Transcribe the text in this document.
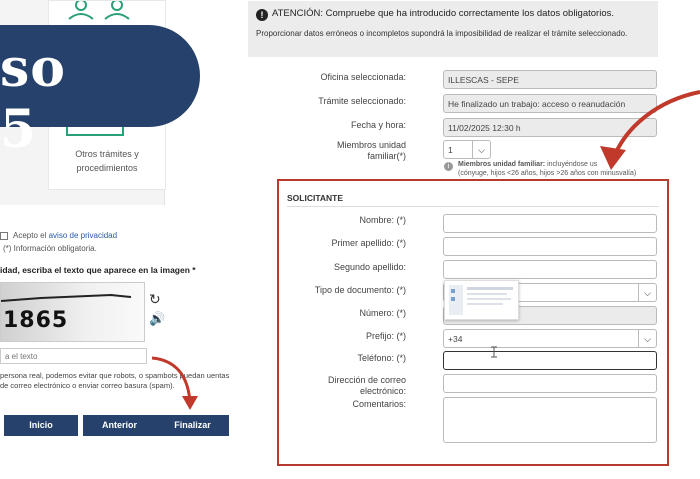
Otros trámites y procedimientos
so 5
Acepto el aviso de privacidad
(*) Información obligatoria.
idad, escriba el texto que aparece en la imagen *
1865
↻
🔊
a el texto
persona real, podemos evitar que robots, o spambots puedan uentas de correo electrónico o enviar correo basura (spam).
Inicio	Anterior	Finalizar
! ATENCIÓN: Compruebe que ha introducido correctamente los datos obligatorios.
Proporcionar datos erróneos o incompletos supondrá la imposibilidad de realizar el trámite seleccionado.
Oficina seleccionada:	ILLESCAS - SEPE
Trámite seleccionado:	He finalizado un trabajo: acceso o reanudación
Fecha y hora:	11/02/2025 12:30 h
Miembros unidad
familiar(*)
1	⌵
i	Miembros unidad familiar: incluyéndose us
(cónyuge, hijos <26 años, hijos >26 años con minusvalía)
SOLICITANTE
Nombre: (*)
Primer apellido: (*)
Segundo apellido:
Tipo de documento: (*)	⌵
Número: (*)
Prefijo: (*)	+34	⌵
Teléfono: (*)
Dirección de correo
electrónico:
Comentarios:
